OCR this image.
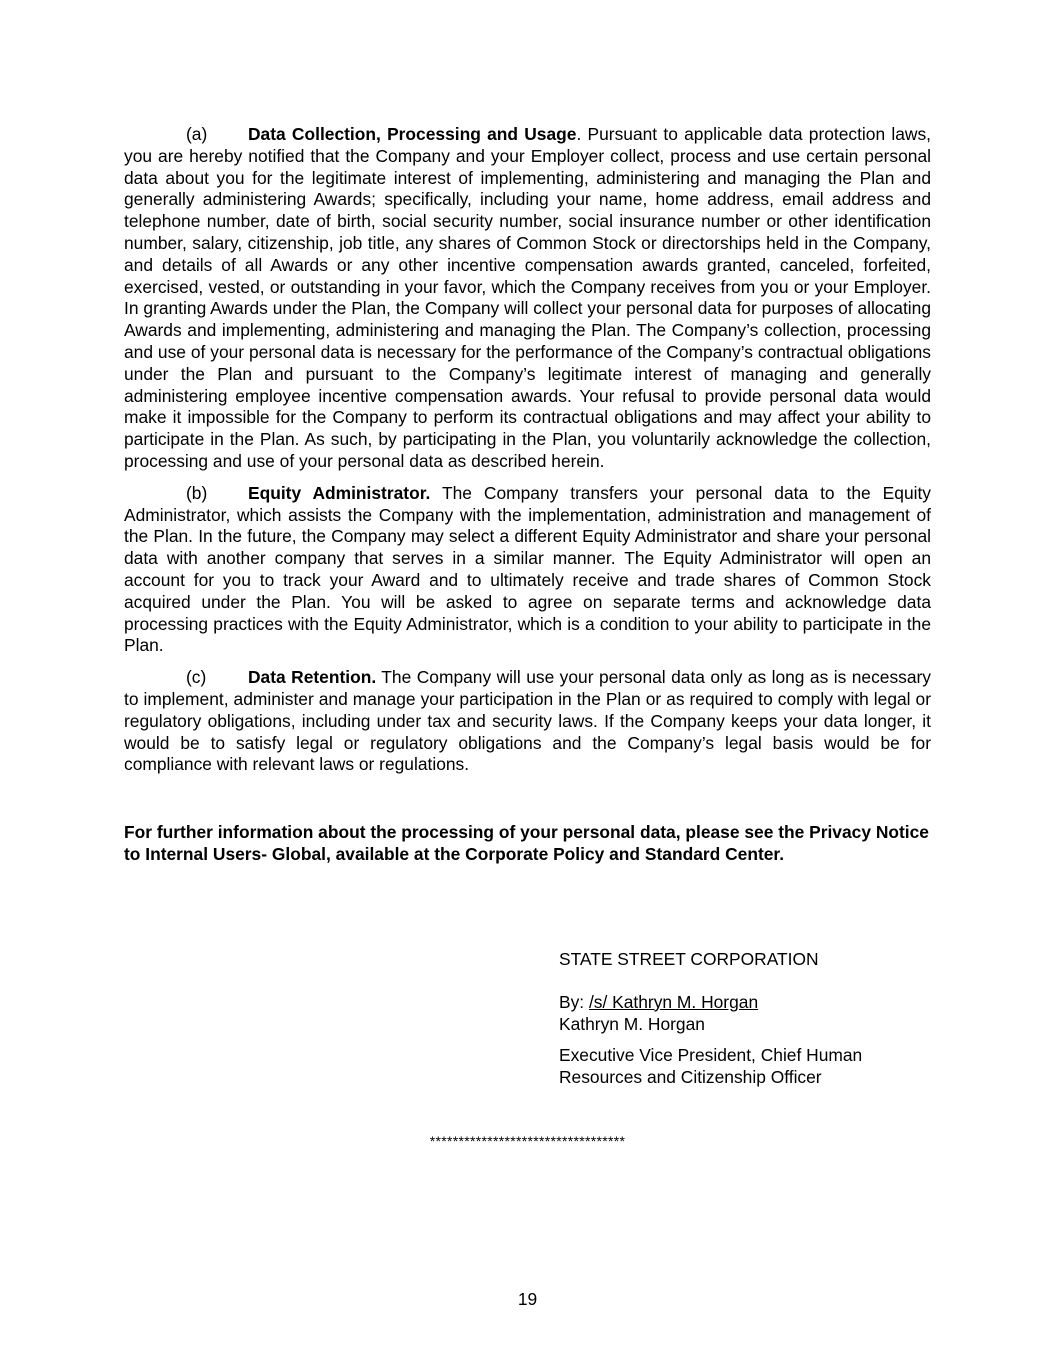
(a) Data Collection, Processing and Usage. Pursuant to applicable data protection laws, you are hereby notified that the Company and your Employer collect, process and use certain personal data about you for the legitimate interest of implementing, administering and managing the Plan and generally administering Awards; specifically, including your name, home address, email address and telephone number, date of birth, social security number, social insurance number or other identification number, salary, citizenship, job title, any shares of Common Stock or directorships held in the Company, and details of all Awards or any other incentive compensation awards granted, canceled, forfeited, exercised, vested, or outstanding in your favor, which the Company receives from you or your Employer. In granting Awards under the Plan, the Company will collect your personal data for purposes of allocating Awards and implementing, administering and managing the Plan. The Company’s collection, processing and use of your personal data is necessary for the performance of the Company’s contractual obligations under the Plan and pursuant to the Company’s legitimate interest of managing and generally administering employee incentive compensation awards. Your refusal to provide personal data would make it impossible for the Company to perform its contractual obligations and may affect your ability to participate in the Plan. As such, by participating in the Plan, you voluntarily acknowledge the collection, processing and use of your personal data as described herein.

(b) Equity Administrator. The Company transfers your personal data to the Equity Administrator, which assists the Company with the implementation, administration and management of the Plan. In the future, the Company may select a different Equity Administrator and share your personal data with another company that serves in a similar manner. The Equity Administrator will open an account for you to track your Award and to ultimately receive and trade shares of Common Stock acquired under the Plan. You will be asked to agree on separate terms and acknowledge data processing practices with the Equity Administrator, which is a condition to your ability to participate in the Plan.

(c) Data Retention. The Company will use your personal data only as long as is necessary to implement, administer and manage your participation in the Plan or as required to comply with legal or regulatory obligations, including under tax and security laws. If the Company keeps your data longer, it would be to satisfy legal or regulatory obligations and the Company’s legal basis would be for compliance with relevant laws or regulations.

For further information about the processing of your personal data, please see the Privacy Notice to Internal Users- Global, available at the Corporate Policy and Standard Center.

STATE STREET CORPORATION

By: /s/ Kathryn M. Horgan

Kathryn M. Horgan

Executive Vice President, Chief Human Resources and Citizenship Officer

**********************************
19
